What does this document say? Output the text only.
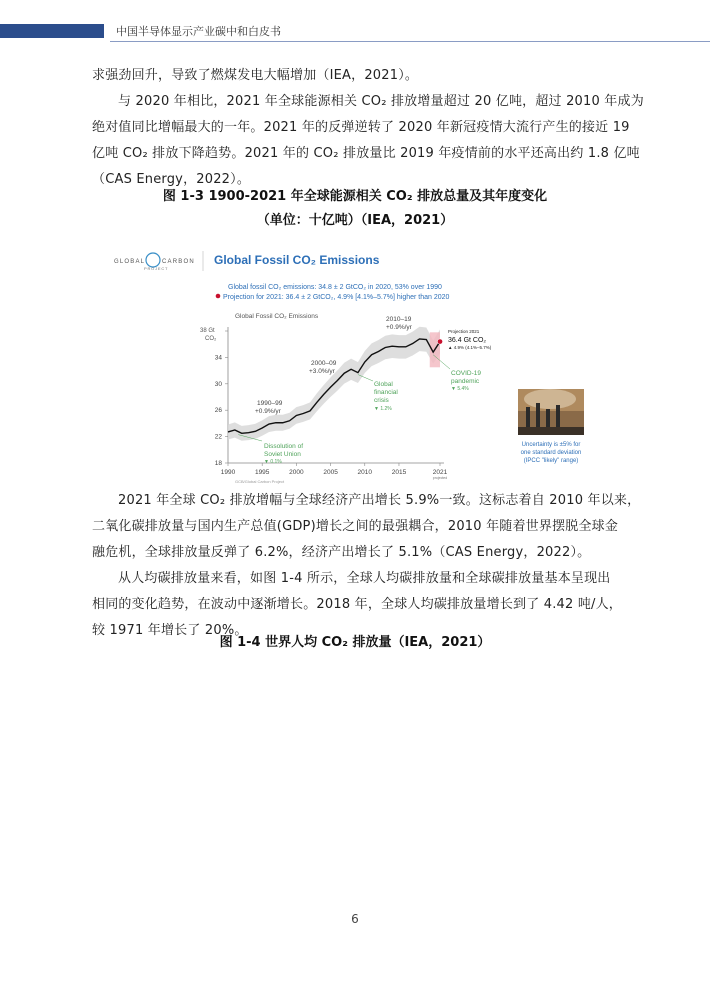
中国半导体显示产业碳中和白皮书
求强劲回升，导致了燃煤发电大幅增加（IEA，2021）。
与 2020 年相比，2021 年全球能源相关 CO₂ 排放增量超过 20 亿吨，超过 2010 年成为
绝对值同比增幅最大的一年。2021 年的反弹逆转了 2020 年新冠疫情大流行产生的接近 19
亿吨 CO₂ 排放下降趋势。2021 年的 CO₂ 排放量比 2019 年疫情前的水平还高出约 1.8 亿吨
（CAS Energy，2022）。
图 1-3 1900-2021 年全球能源相关 CO₂ 排放总量及其年度变化
（单位：十亿吨）（IEA，2021）
GLOBAL	CARBON
PROJECT
Global Fossil CO₂ Emissions
Global fossil CO₂ emissions: 34.8 ± 2 GtCO₂ in 2020, 53% over 1990
Projection for 2021: 36.4 ± 2 GtCO₂, 4.9% [4.1%–5.7%] higher than 2020
Global Fossil CO₂ Emissions
38 Gt
CO₂
18
22
26
30
34
1990	1995	2000	2005	2010	2015	2021
projected
2010–19
+0.9%/yr
2000–09
+3.0%/yr
1990–99
+0.9%/yr
Global
financial
crisis
▼ 1.2%
Dissolution of
Soviet Union
▼ 0.1%
COVID-19
pandemic
▼ 5.4%
Projection 2021
36.4 Gt CO₂
▲ 4.9% (4.1%–5.7%)
GCB/Global Carbon Project
Uncertainty is ±5% for
one standard deviation
(IPCC "likely" range)
2021 年全球 CO₂ 排放增幅与全球经济产出增长 5.9%一致。这标志着自 2010 年以来，
二氧化碳排放量与国内生产总值(GDP)增长之间的最强耦合，2010 年随着世界摆脱全球金
融危机，全球排放量反弹了 6.2%，经济产出增长了 5.1%（CAS Energy，2022）。
从人均碳排放量来看，如图 1-4 所示，全球人均碳排放量和全球碳排放量基本呈现出
相同的变化趋势，在波动中逐渐增长。2018 年，全球人均碳排放量增长到了 4.42 吨/人，
较 1971 年增长了 20%。
图 1-4 世界人均 CO₂ 排放量（IEA，2021）
6
